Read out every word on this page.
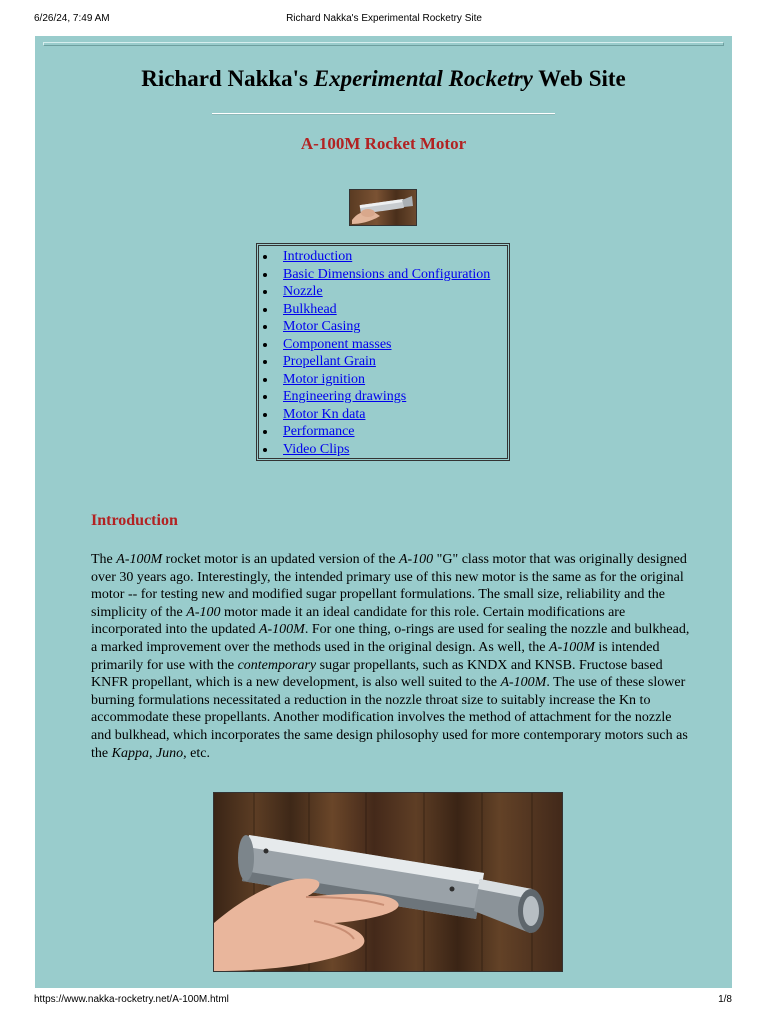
Richard Nakka's Experimental Rocketry Site
6/26/24, 7:49 AM
Richard Nakka's Experimental Rocketry Web Site
A-100M Rocket Motor
Introduction
Basic Dimensions and Configuration
Nozzle
Bulkhead
Motor Casing
Component masses
Propellant Grain
Motor ignition
Engineering drawings
Motor Kn data
Performance
Video Clips
Introduction

The A-100M rocket motor is an updated version of the A-100 "G" class motor that was originally designed over 30 years ago. Interestingly, the intended primary use of this new motor is the same as for the original motor -- for testing new and modified sugar propellant formulations. The small size, reliability and the simplicity of the A-100 motor made it an ideal candidate for this role. Certain modifications are incorporated into the updated A-100M. For one thing, o-rings are used for sealing the nozzle and bulkhead, a marked improvement over the methods used in the original design. As well, the A-100M is intended primarily for use with the contemporary sugar propellants, such as KNDX and KNSB. Fructose based KNFR propellant, which is a new development, is also well suited to the A-100M. The use of these slower burning formulations necessitated a reduction in the nozzle throat size to suitably increase the Kn to accommodate these propellants. Another modification involves the method of attachment for the nozzle and bulkhead, which incorporates the same design philosophy used for more contemporary motors such as the Kappa, Juno, etc.

https://www.nakka-rocketry.net/A-100M.html	1/8
